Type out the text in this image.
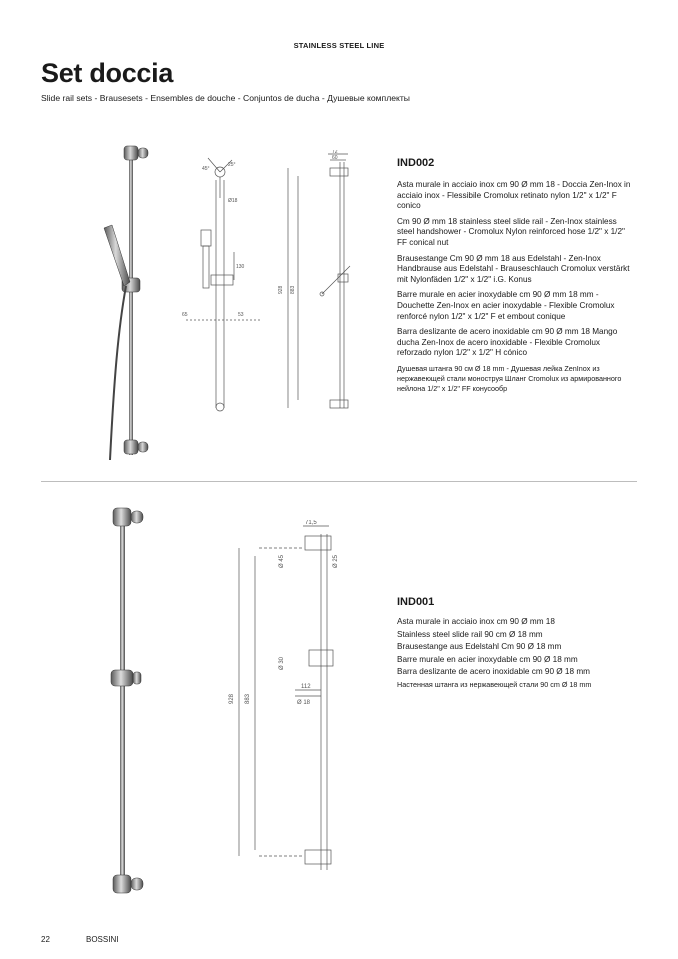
STAINLESS STEEL LINE
Set doccia
Slide rail sets - Brausesets - Ensembles de douche - Conjuntos de ducha - Душевые комплекты
45°
25°
Ø18
130
65	53
72
60
928 883
IND002

Asta murale in acciaio inox cm 90 Ø mm 18 - Doccia Zen-Inox in acciaio inox - Flessibile Cromolux retinato nylon 1/2" x 1/2" F conico

Cm 90 Ø mm 18 stainless steel slide rail - Zen-Inox stainless steel handshower - Cromolux Nylon reinforced hose 1/2" x 1/2" FF conical nut

Brausestange Cm 90 Ø mm 18 aus Edelstahl - Zen-Inox Handbrause aus Edelstahl - Brauseschlauch Cromolux verstärkt mit Nylonfäden 1/2" x 1/2" i.G. Konus

Barre murale en acier inoxydable cm 90 Ø mm 18 mm - Douchette Zen-Inox en acier inoxydable - Flexible Cromolux renforcé nylon 1/2" x 1/2" F et embout conique

Barra deslizante de acero inoxidable cm 90 Ø mm 18 Mango ducha Zen-Inox de acero inoxidable - Flexible Cromolux reforzado nylon 1/2" x 1/2" H cónico

Душевая штанга 90 см Ø 18 mm - Душевая лейка ZenInox из нержавеющей стали моноструя Шланг Cromolux из армированного нейлона 1/2" x 1/2" FF конусообр

71,5
Ø 45	Ø 25
Ø 30
112
Ø 18
928 883
IND001

Asta murale in acciaio inox cm 90 Ø mm 18

Stainless steel slide rail 90 cm Ø 18 mm

Brausestange aus Edelstahl Cm 90 Ø 18 mm

Barre murale en acier inoxydable cm 90 Ø 18 mm

Barra deslizante de acero inoxidable cm 90 Ø 18 mm

Настенная штанга из нержавеющей стали 90 cm Ø 18 mm

22	BOSSINI
